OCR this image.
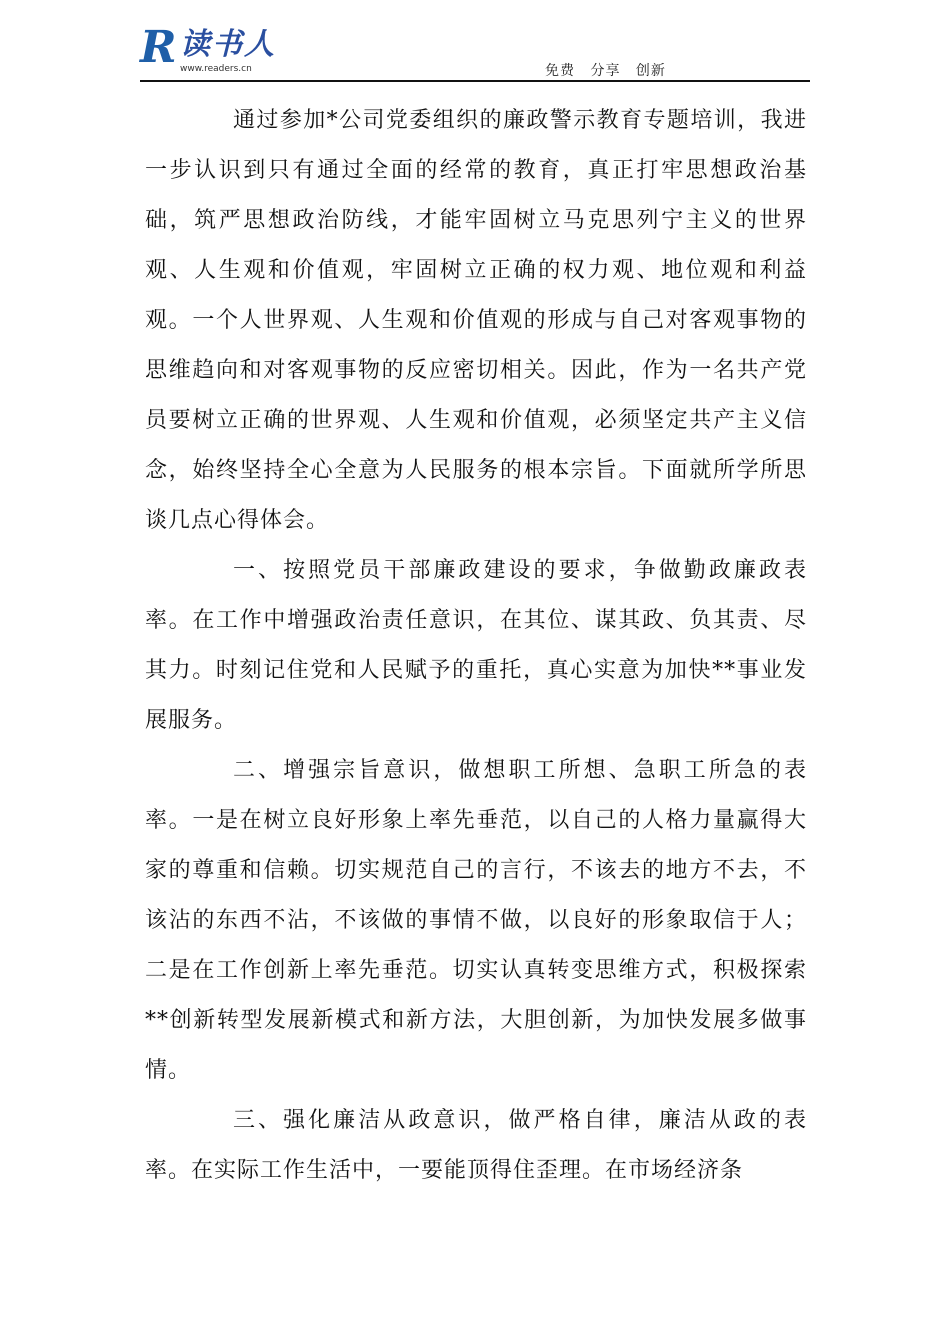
R 读书人
www.readers.cn	免费 分享 创新

通过参加*公司党委组织的廉政警示教育专题培训，我进一步认识到只有通过全面的经常的教育，真正打牢思想政治基础，筑严思想政治防线，才能牢固树立马克思列宁主义的世界观、人生观和价值观，牢固树立正确的权力观、地位观和利益观。一个人世界观、人生观和价值观的形成与自己对客观事物的思维趋向和对客观事物的反应密切相关。因此，作为一名共产党员要树立正确的世界观、人生观和价值观，必须坚定共产主义信念，始终坚持全心全意为人民服务的根本宗旨。下面就所学所思谈几点心得体会。

一、按照党员干部廉政建设的要求，争做勤政廉政表率。在工作中增强政治责任意识，在其位、谋其政、负其责、尽其力。时刻记住党和人民赋予的重托，真心实意为加快**事业发展服务。

二、增强宗旨意识，做想职工所想、急职工所急的表率。一是在树立良好形象上率先垂范，以自己的人格力量赢得大家的尊重和信赖。切实规范自己的言行，不该去的地方不去，不该沾的东西不沾，不该做的事情不做，以良好的形象取信于人；二是在工作创新上率先垂范。切实认真转变思维方式，积极探索**创新转型发展新模式和新方法，大胆创新，为加快发展多做事情。

三、强化廉洁从政意识，做严格自律，廉洁从政的表率。在实际工作生活中，一要能顶得住歪理。在市场经济条
